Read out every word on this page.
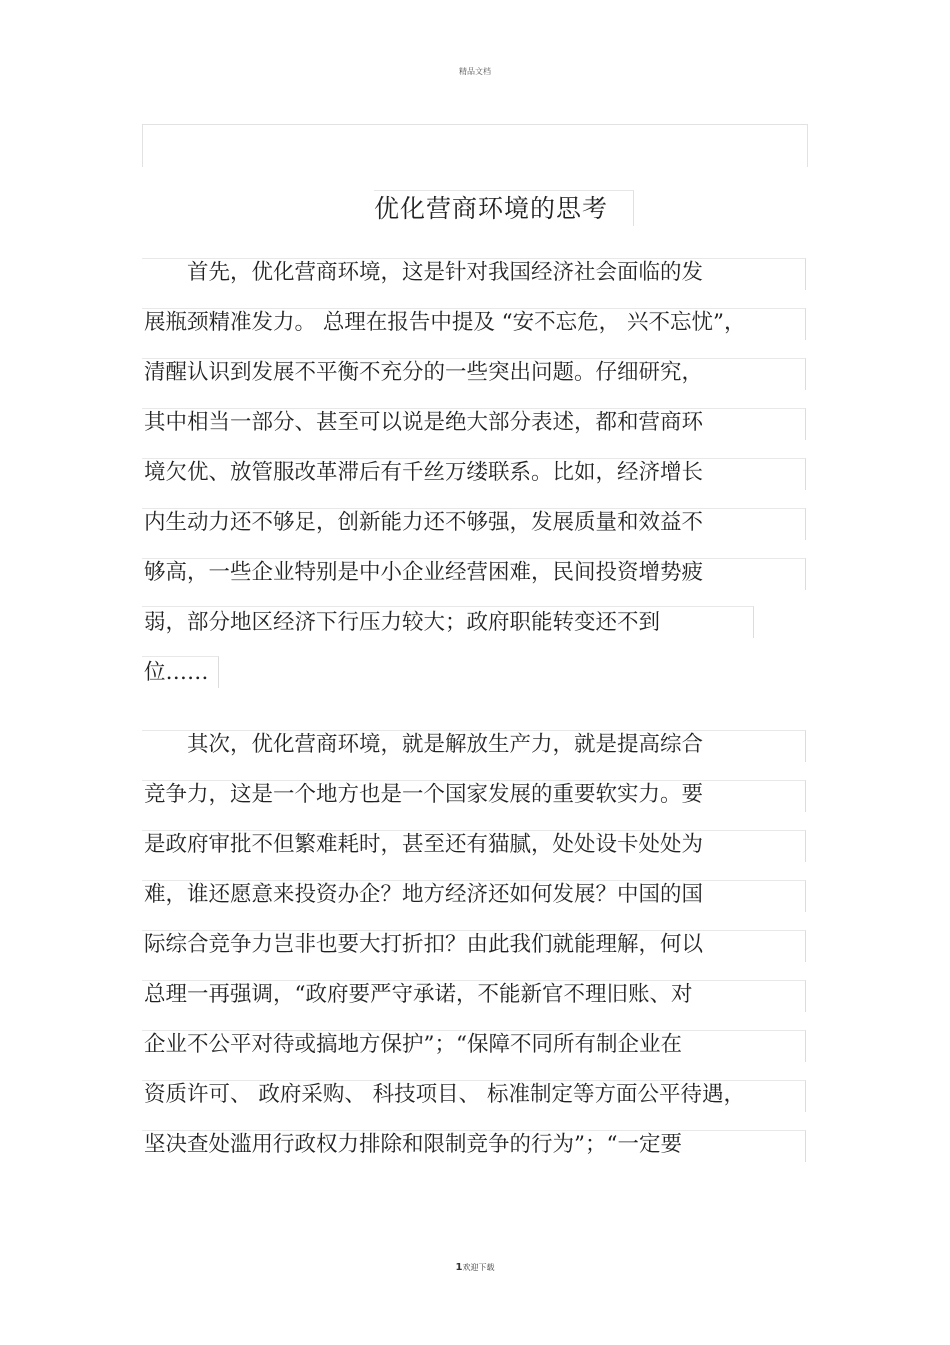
精品文档
优化营商环境的思考
　　首先，优化营商环境，这是针对我国经济社会面临的发
展瓶颈精准发力。 总理在报告中提及 “安不忘危， 兴不忘忧”，
清醒认识到发展不平衡不充分的一些突出问题。仔细研究，
其中相当一部分、甚至可以说是绝大部分表述，都和营商环
境欠优、放管服改革滞后有千丝万缕联系。比如，经济增长
内生动力还不够足，创新能力还不够强，发展质量和效益不
够高，一些企业特别是中小企业经营困难，民间投资增势疲
弱，部分地区经济下行压力较大；政府职能转变还不到
位……
　　其次，优化营商环境，就是解放生产力，就是提高综合
竞争力，这是一个地方也是一个国家发展的重要软实力。要
是政府审批不但繁难耗时，甚至还有猫腻，处处设卡处处为
难，谁还愿意来投资办企？地方经济还如何发展？中国的国
际综合竞争力岂非也要大打折扣？由此我们就能理解，何以
总理一再强调，“政府要严守承诺，不能新官不理旧账、对
企业不公平对待或搞地方保护”；“保障不同所有制企业在
资质许可、 政府采购、 科技项目、 标准制定等方面公平待遇，
坚决查处滥用行政权力排除和限制竞争的行为”；“一定要
1欢迎下载
